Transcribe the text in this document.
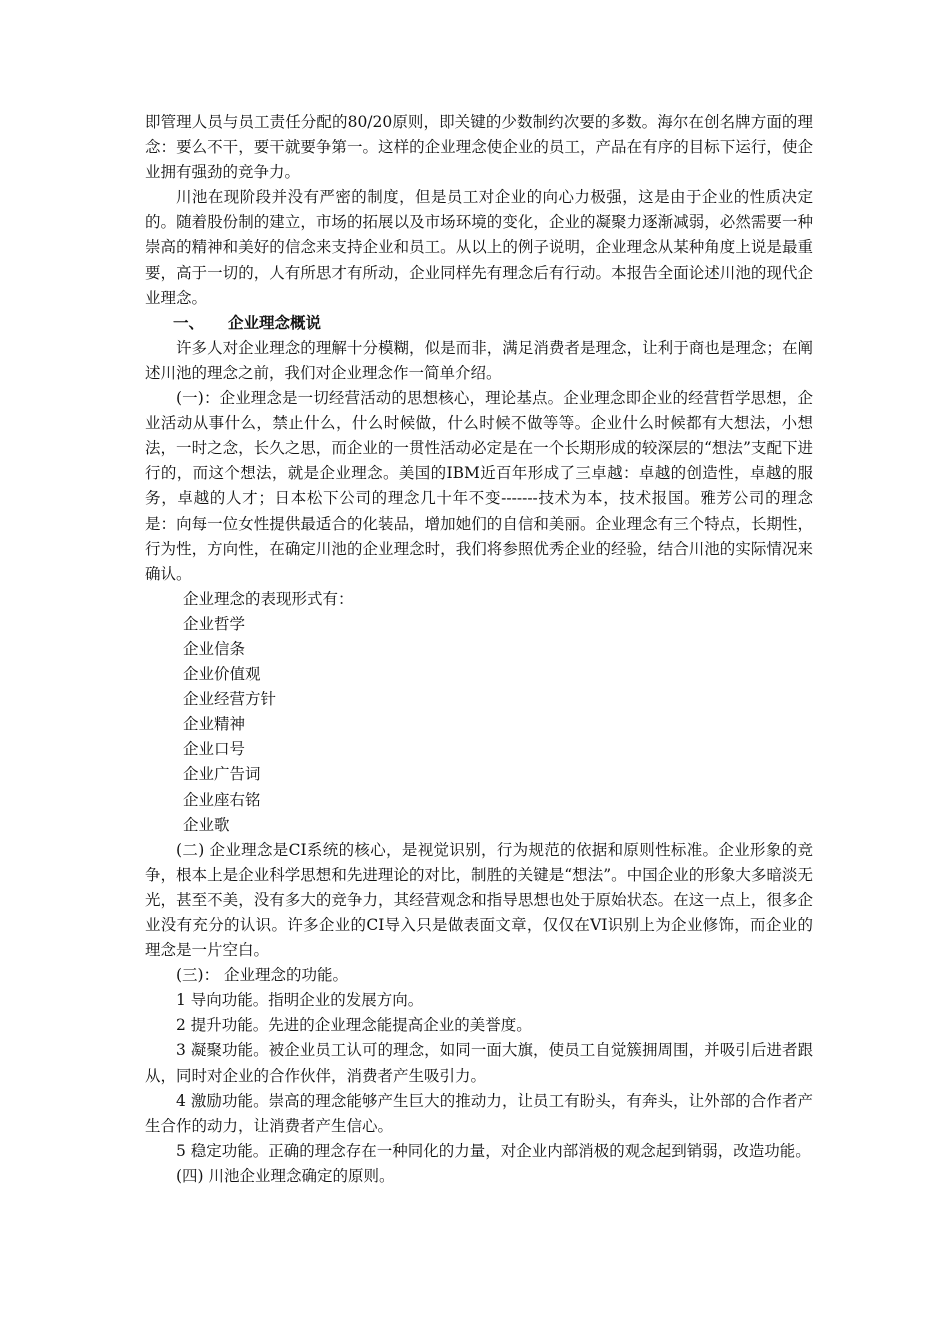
即管理人员与员工责任分配的80/20原则，即关键的少数制约次要的多数。海尔在创名牌方面的理念：要么不干，要干就要争第一。这样的企业理念使企业的员工，产品在有序的目标下运行，使企业拥有强劲的竞争力。

川池在现阶段并没有严密的制度，但是员工对企业的向心力极强，这是由于企业的性质决定的。随着股份制的建立，市场的拓展以及市场环境的变化，企业的凝聚力逐渐减弱，必然需要一种崇高的精神和美好的信念来支持企业和员工。从以上的例子说明，企业理念从某种角度上说是最重要，高于一切的，人有所思才有所动，企业同样先有理念后有行动。本报告全面论述川池的现代企业理念。

一、 企业理念概说

许多人对企业理念的理解十分模糊，似是而非，满足消费者是理念，让利于商也是理念；在阐述川池的理念之前，我们对企业理念作一简单介绍。

(一)：企业理念是一切经营活动的思想核心，理论基点。企业理念即企业的经营哲学思想，企业活动从事什么，禁止什么，什么时候做，什么时候不做等等。企业什么时候都有大想法，小想法，一时之念，长久之思，而企业的一贯性活动必定是在一个长期形成的较深层的“想法”支配下进行的，而这个想法，就是企业理念。美国的IBM近百年形成了三卓越：卓越的创造性，卓越的服务，卓越的人才；日本松下公司的理念几十年不变-------技术为本，技术报国。雅芳公司的理念是：向每一位女性提供最适合的化装品，增加她们的自信和美丽。企业理念有三个特点，长期性，行为性，方向性，在确定川池的企业理念时，我们将参照优秀企业的经验，结合川池的实际情况来确认。

企业理念的表现形式有：

企业哲学

企业信条

企业价值观

企业经营方针

企业精神

企业口号

企业广告词

企业座右铭

企业歌

(二) 企业理念是CI系统的核心，是视觉识别，行为规范的依据和原则性标准。企业形象的竞争，根本上是企业科学思想和先进理论的对比，制胜的关键是“想法”。中国企业的形象大多暗淡无光，甚至不美，没有多大的竞争力，其经营观念和指导思想也处于原始状态。在这一点上，很多企业没有充分的认识。许多企业的CI导入只是做表面文章，仅仅在VI识别上为企业修饰，而企业的理念是一片空白。

(三)： 企业理念的功能。

1 导向功能。指明企业的发展方向。

2 提升功能。先进的企业理念能提高企业的美誉度。

3 凝聚功能。被企业员工认可的理念，如同一面大旗，使员工自觉簇拥周围，并吸引后进者跟从，同时对企业的合作伙伴，消费者产生吸引力。

4 激励功能。崇高的理念能够产生巨大的推动力，让员工有盼头，有奔头，让外部的合作者产生合作的动力，让消费者产生信心。

5 稳定功能。正确的理念存在一种同化的力量，对企业内部消极的观念起到销弱，改造功能。

(四) 川池企业理念确定的原则。
